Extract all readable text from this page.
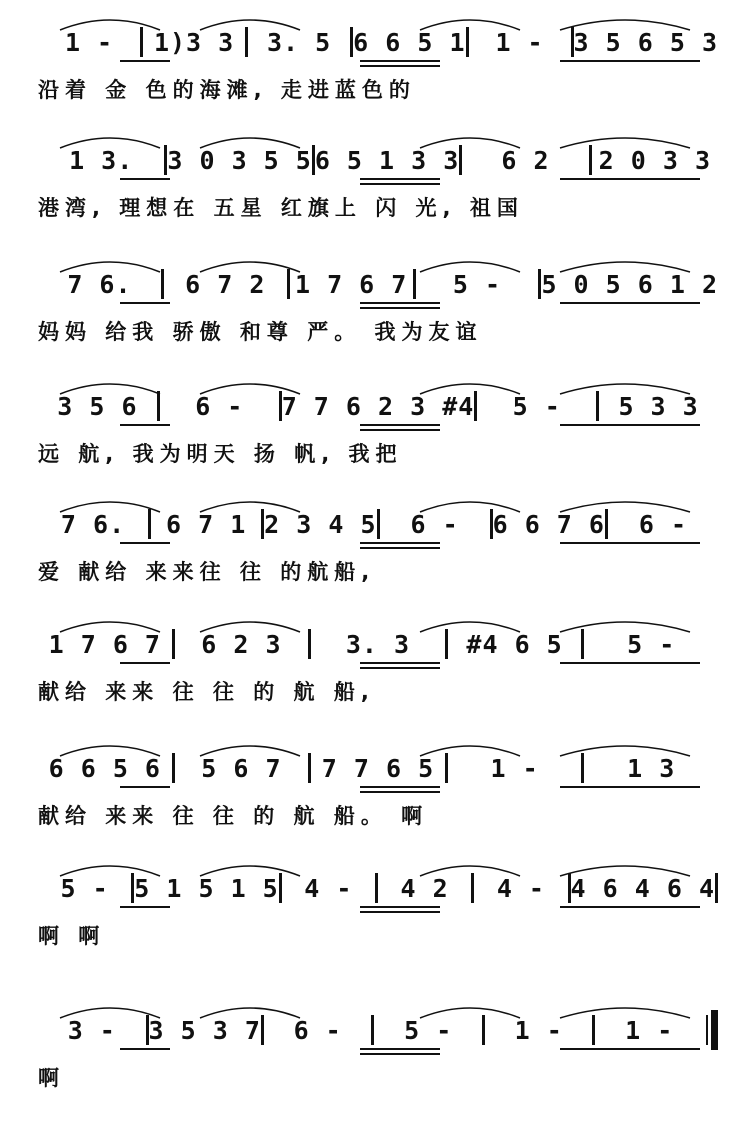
1 -	1)3 3	3. 5 6 6 5 1	1 -	3 5 6 5 3
沿着 金 色的海滩, 走进蓝色的
1 3.	3 0 3 5 5 6 5 1 3 3	6 2	2 0 3 3
港湾, 理想在 五星 红旗上 闪 光, 祖国
7 6.	6 7 2	1 7 6 7	5 -	5 0 5 6 1 2
妈妈 给我 骄傲 和尊 严。 我为友谊
3 5 6	6 -	7 7 6 2 3 #4	5 -	5 3 3
远 航, 我为明天 扬 帆, 我把
7 6.	6 7 1 2 3 4 5	6 -	6 6 7 6	6 -
爱 献给 来来往 往 的航船,
1 7 6 7	6 2 3	3. 3	#4 6 5	5 -
献给 来来 往 往 的 航 船,
6 6 5 6	5 6 7	7 7 6 5	1 -	1 3
献给 来来 往 往 的 航 船。 啊
5 -	5 1 5 1 5	4 -	4 2	4 -	4 6 4 6 4
啊 啊
3 -	3 5 3 7	6 -	5 -	1 -	1 -
啊
